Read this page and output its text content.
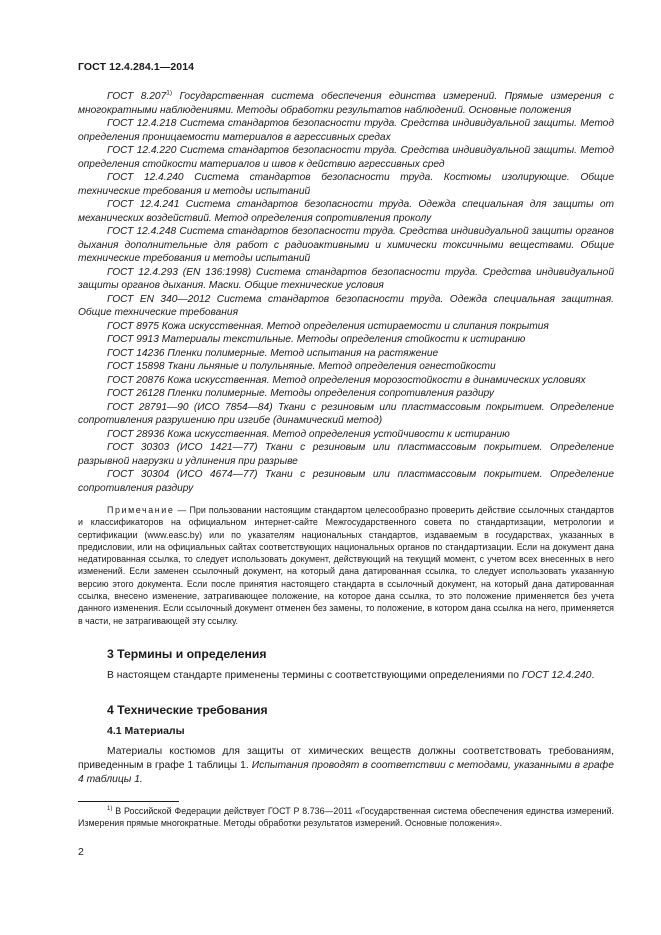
ГОСТ 12.4.284.1—2014

ГОСТ 8.207$^{1)}$ Государственная система обеспечения единства измерений. Прямые измерения с многократными наблюдениями. Методы обработки результатов наблюдений. Основные положения

ГОСТ 12.4.218 Система стандартов безопасности труда. Средства индивидуальной защиты. Метод определения проницаемости материалов в агрессивных средах

ГОСТ 12.4.220 Система стандартов безопасности труда. Средства индивидуальной защиты. Метод определения стойкости материалов и швов к действию агрессивных сред

ГОСТ 12.4.240 Система стандартов безопасности труда. Костюмы изолирующие. Общие технические требования и методы испытаний

ГОСТ 12.4.241 Система стандартов безопасности труда. Одежда специальная для защиты от механических воздействий. Метод определения сопротивления проколу

ГОСТ 12.4.248 Система стандартов безопасности труда. Средства индивидуальной защиты органов дыхания дополнительные для работ с радиоактивными и химически токсичными веществами. Общие технические требования и методы испытаний

ГОСТ 12.4.293 (EN 136:1998) Система стандартов безопасности труда. Средства индивидуальной защиты органов дыхания. Маски. Общие технические условия

ГОСТ EN 340—2012 Система стандартов безопасности труда. Одежда специальная защитная. Общие технические требования

ГОСТ 8975 Кожа искусственная. Метод определения истираемости и слипания покрытия

ГОСТ 9913 Материалы текстильные. Методы определения стойкости к истиранию

ГОСТ 14236 Пленки полимерные. Метод испытания на растяжение

ГОСТ 15898 Ткани льняные и полульняные. Метод определения огнестойкости

ГОСТ 20876 Кожа искусственная. Метод определения морозостойкости в динамических условиях

ГОСТ 26128 Пленки полимерные. Методы определения сопротивления раздиру

ГОСТ 28791—90 (ИСО 7854—84) Ткани с резиновым или пластмассовым покрытием. Определение сопротивления разрушению при изгибе (динамический метод)

ГОСТ 28936 Кожа искусственная. Метод определения устойчивости к истиранию

ГОСТ 30303 (ИСО 1421—77) Ткани с резиновым или пластмассовым покрытием. Определение разрывной нагрузки и удлинения при разрыве

ГОСТ 30304 (ИСО 4674—77) Ткани с резиновым или пластмассовым покрытием. Определение сопротивления раздиру

Примечание — При пользовании настоящим стандартом целесообразно проверить действие ссылочных стандартов и классификаторов на официальном интернет-сайте Межгосударственного совета по стандартизации, метрологии и сертификации (www.easc.by) или по указателям национальных стандартов, издаваемым в государствах, указанных в предисловии, или на официальных сайтах соответствующих национальных органов по стандартизации. Если на документ дана недатированная ссылка, то следует использовать документ, действующий на текущий момент, с учетом всех внесенных в него изменений. Если заменен ссылочный документ, на который дана датированная ссылка, то следует использовать указанную версию этого документа. Если после принятия настоящего стандарта в ссылочный документ, на который дана датированная ссылка, внесено изменение, затрагивающее положение, на которое дана ссылка, то это положение применяется без учета данного изменения. Если ссылочный документ отменен без замены, то положение, в котором дана ссылка на него, применяется в части, не затрагивающей эту ссылку.

3 Термины и определения

В настоящем стандарте применены термины с соответствующими определениями по ГОСТ 12.4.240.

4 Технические требования
4.1 Материалы

Материалы костюмов для защиты от химических веществ должны соответствовать требованиям, приведенным в графе 1 таблицы 1. Испытания проводят в соответствии с методами, указанными в графе 4 таблицы 1.

$^{1)}$ В Российской Федерации действует ГОСТ Р 8.736—2011 «Государственная система обеспечения единства измерений. Измерения прямые многократные. Методы обработки результатов измерений. Основные положения».

2
